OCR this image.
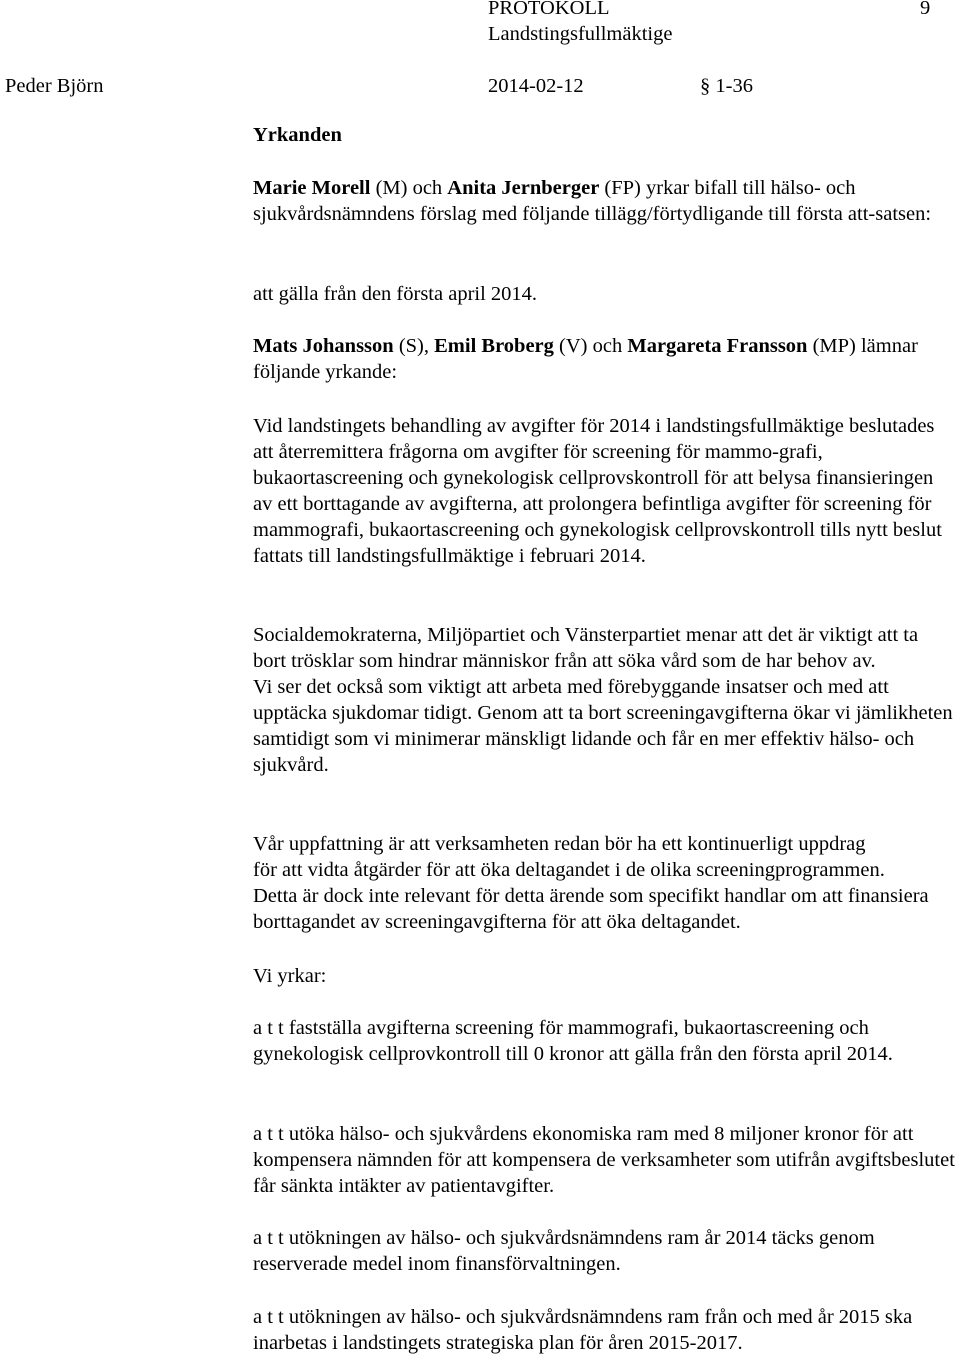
PROTOKOLL
Landstingsfullmäktige
9
Peder Björn	2014-02-12	§ 1-36
Yrkanden

Marie Morell (M) och Anita Jernberger (FP) yrkar bifall till hälso- och sjukvårdsnämndens förslag med följande tillägg/förtydligande till första att-satsen:

att gälla från den första april 2014.

Mats Johansson (S), Emil Broberg (V) och Margareta Fransson (MP) lämnar följande yrkande:

Vid landstingets behandling av avgifter för 2014 i landstingsfullmäktige beslutades att återremittera frågorna om avgifter för screening för mammo-grafi, bukaortascreening och gynekologisk cellprovskontroll för att belysa finansieringen av ett borttagande av avgifterna, att prolongera befintliga avgifter för screening för mammografi, bukaortascreening och gynekologisk cellprovskontroll tills nytt beslut fattats till landstingsfullmäktige i februari 2014.

Socialdemokraterna, Miljöpartiet och Vänsterpartiet menar att det är viktigt att ta bort trösklar som hindrar människor från att söka vård som de har behov av.

Vi ser det också som viktigt att arbeta med förebyggande insatser och med att upptäcka sjukdomar tidigt. Genom att ta bort screeningavgifterna ökar vi jämlikheten samtidigt som vi minimerar mänskligt lidande och får en mer effektiv hälso- och sjukvård.

Vår uppfattning är att verksamheten redan bör ha ett kontinuerligt uppdrag

för att vidta åtgärder för att öka deltagandet i de olika screeningprogrammen.

Detta är dock inte relevant för detta ärende som specifikt handlar om att finansiera borttagandet av screeningavgifterna för att öka deltagandet.

Vi yrkar:
a t t fastställa avgifterna screening för mammografi, bukaortascreening och gynekologisk cellprovkontroll till 0 kronor att gälla från den första april 2014.
a t t utöka hälso- och sjukvårdens ekonomiska ram med 8 miljoner kronor för att kompensera nämnden för att kompensera de verksamheter som utifrån avgiftsbeslutet får sänkta intäkter av patientavgifter.
a t t utökningen av hälso- och sjukvårdsnämndens ram år 2014 täcks genom reserverade medel inom finansförvaltningen.
a t t utökningen av hälso- och sjukvårdsnämndens ram från och med år 2015 ska inarbetas i landstingets strategiska plan för åren 2015-2017.
